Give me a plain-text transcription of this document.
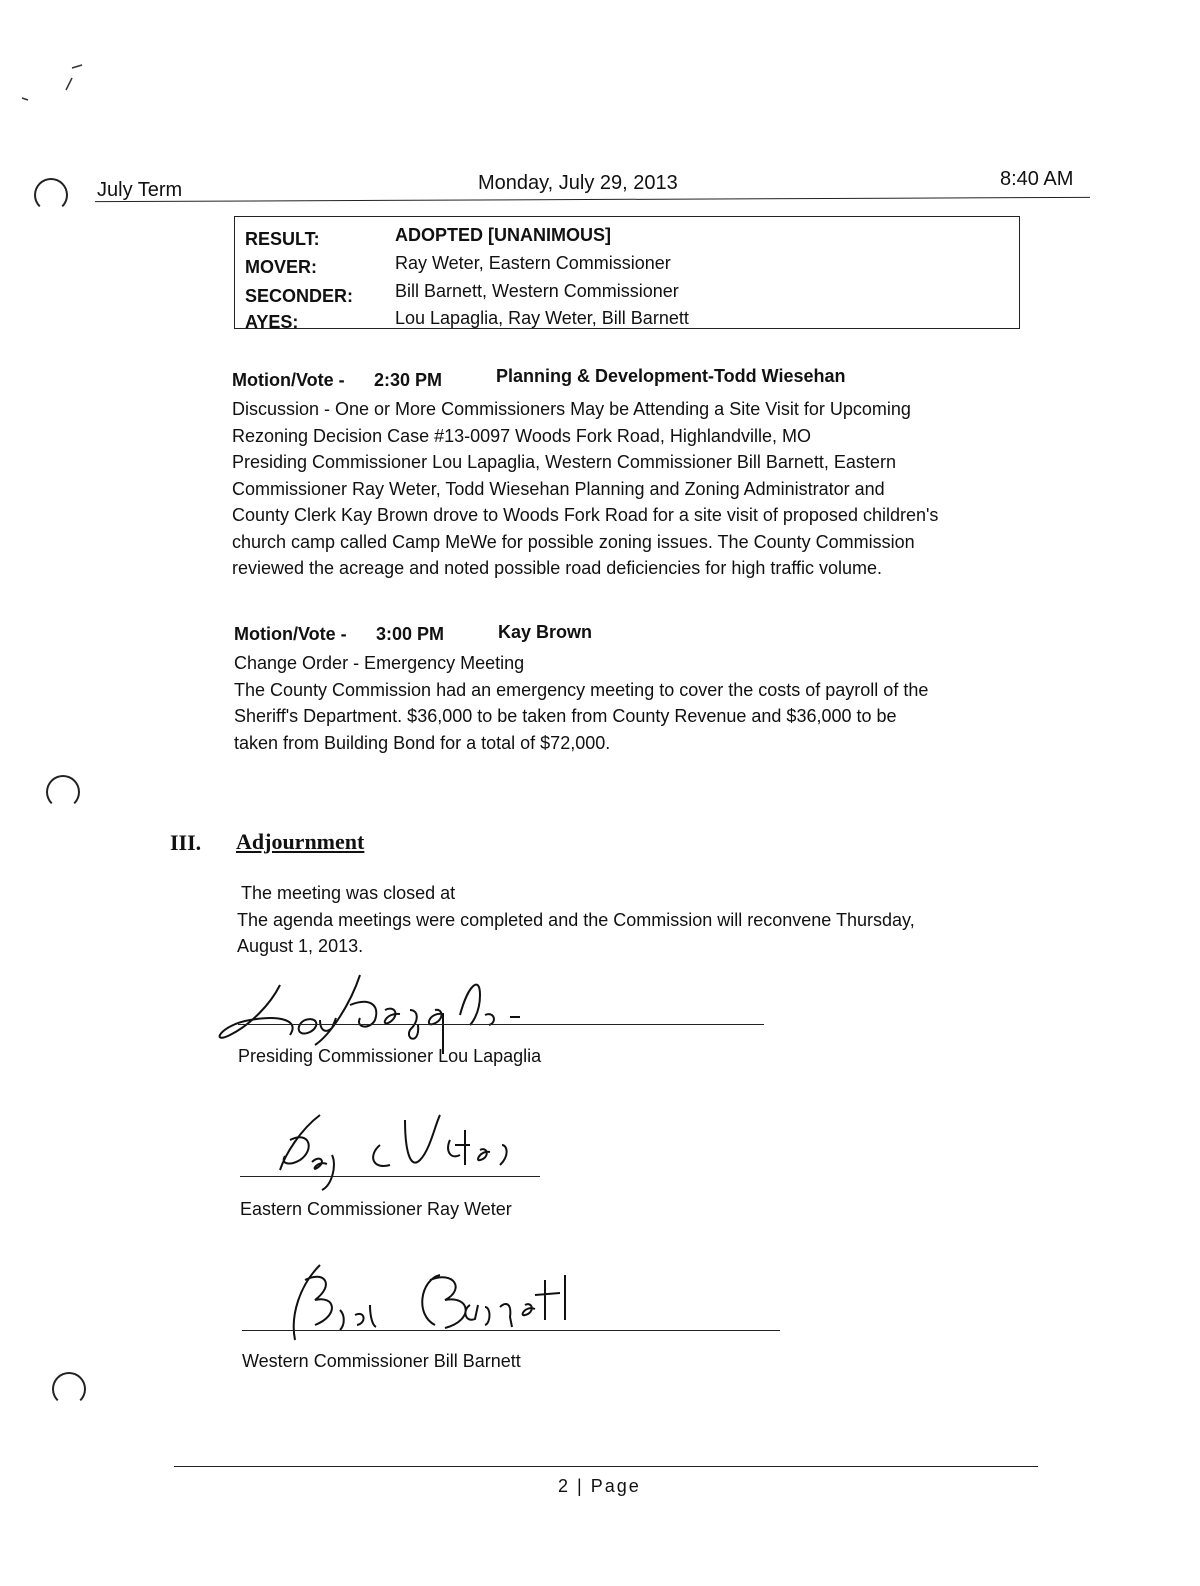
July Term	Monday, July 29, 2013	8:40 AM
RESULT:	ADOPTED [UNANIMOUS]
MOVER:	Ray Weter, Eastern Commissioner
SECONDER: Bill Barnett, Western Commissioner
AYES:	Lou Lapaglia, Ray Weter, Bill Barnett
Motion/Vote - 2:30 PM	Planning & Development-Todd Wiesehan
Discussion - One or More Commissioners May be Attending a Site Visit for Upcoming
Rezoning Decision Case #13-0097 Woods Fork Road, Highlandville, MO
Presiding Commissioner Lou Lapaglia, Western Commissioner Bill Barnett, Eastern
Commissioner Ray Weter, Todd Wiesehan Planning and Zoning Administrator and
County Clerk Kay Brown drove to Woods Fork Road for a site visit of proposed children's
church camp called Camp MeWe for possible zoning issues. The County Commission
reviewed the acreage and noted possible road deficiencies for high traffic volume.
Motion/Vote - 3:00 PM	Kay Brown
Change Order - Emergency Meeting
The County Commission had an emergency meeting to cover the costs of payroll of the
Sheriff's Department. $36,000 to be taken from County Revenue and $36,000 to be
taken from Building Bond for a total of $72,000.
III. Adjournment
The meeting was closed at
The agenda meetings were completed and the Commission will reconvene Thursday,
August 1, 2013.
Presiding Commissioner Lou Lapaglia
Eastern Commissioner Ray Weter
Western Commissioner Bill Barnett
2 | Page
